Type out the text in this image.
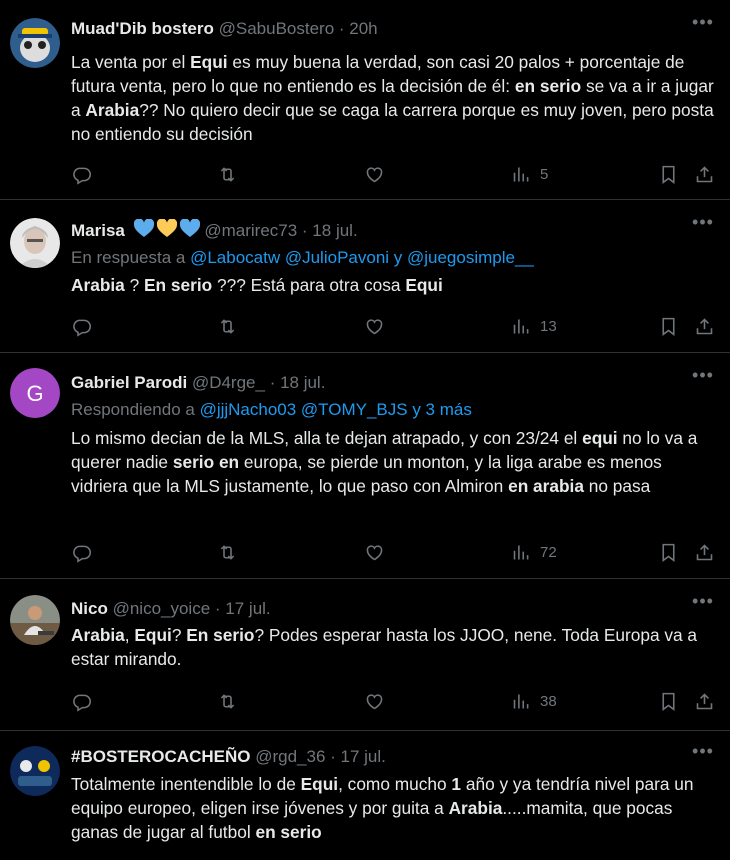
Muad'Dib bostero @SabuBostero · 20h	•••
La venta por el Equi es muy buena la verdad, son casi 20 palos + porcentaje de futura venta, pero lo que no entiendo es la decisión de él: en serio se va a ir a jugar a Arabia?? No quiero decir que se caga la carrera porque es muy joven, pero posta no entiendo su decisión
5
Marisa	@marirec73 · 18 jul.	•••
En respuesta a @Labocatw @JulioPavoni y @juegosimple__
Arabia ? En serio ??? Está para otra cosa Equi
13
G Gabriel Parodi @D4rge_ · 18 jul.	•••
Respondiendo a @jjjNacho03 @TOMY_BJS y 3 más
Lo mismo decian de la MLS, alla te dejan atrapado, y con 23/24 el equi no lo va a querer nadie serio en europa, se pierde un monton, y la liga arabe es menos vidriera que la MLS justamente, lo que paso con Almiron en arabia no pasa
72
Nico @nico_yoice · 17 jul.	•••
Arabia, Equi? En serio? Podes esperar hasta los JJOO, nene. Toda Europa va a estar mirando.
38
#BOSTEROCACHEÑO @rgd_36 · 17 jul.	•••
Totalmente inentendible lo de Equi, como mucho 1 año y ya tendría nivel para un equipo europeo, eligen irse jóvenes y por guita a Arabia.....mamita, que pocas ganas de jugar al futbol en serio
